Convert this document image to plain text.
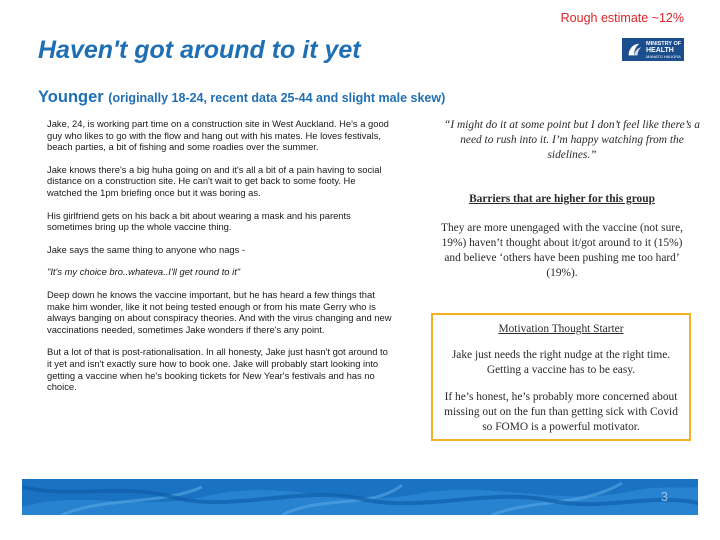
Rough estimate ~12%
Haven't got around to it yet	MINISTRY OF
HEALTH
MANATŪ HAUORA
Younger (originally 18-24, recent data 25-44 and slight male skew)

Jake, 24, is working part time on a construction site in West Auckland. He's a good guy who likes to go with the flow and hang out with his mates. He loves festivals, beach parties, a bit of fishing and some roadies over the summer.

Jake knows there's a big huha going on and it's all a bit of a pain having to social distance on a construction site. He can't wait to get back to some footy. He watched the 1pm briefing once but it was boring as.

His girlfriend gets on his back a bit about wearing a mask and his parents sometimes bring up the whole vaccine thing.

Jake says the same thing to anyone who nags -

"It's my choice bro..whateva..I'll get round to it"

Deep down he knows the vaccine important, but he has heard a few things that make him wonder, like it not being tested enough or from his mate Gerry who is always banging on about conspiracy theories. And with the virus changing and new vaccinations needed, sometimes Jake wonders if there's any point.

But a lot of that is post-rationalisation. In all honesty, Jake just hasn't got around to it yet and isn't exactly sure how to book one. Jake will probably start looking into getting a vaccine when he's booking tickets for New Year's festivals and has no choice.

“I might do it at some point but I don’t feel like there’s a need to rush into it. I’m happy watching from the sidelines.”

Barriers that are higher for this group

They are more unengaged with the vaccine (not sure, 19%) haven’t thought about it/got around to it (15%) and believe ‘others have been pushing me too hard’ (19%).

Motivation Thought Starter

Jake just needs the right nudge at the right time. Getting a vaccine has to be easy.

If he’s honest, he’s probably more concerned about missing out on the fun than getting sick with Covid so FOMO is a powerful motivator.

3
